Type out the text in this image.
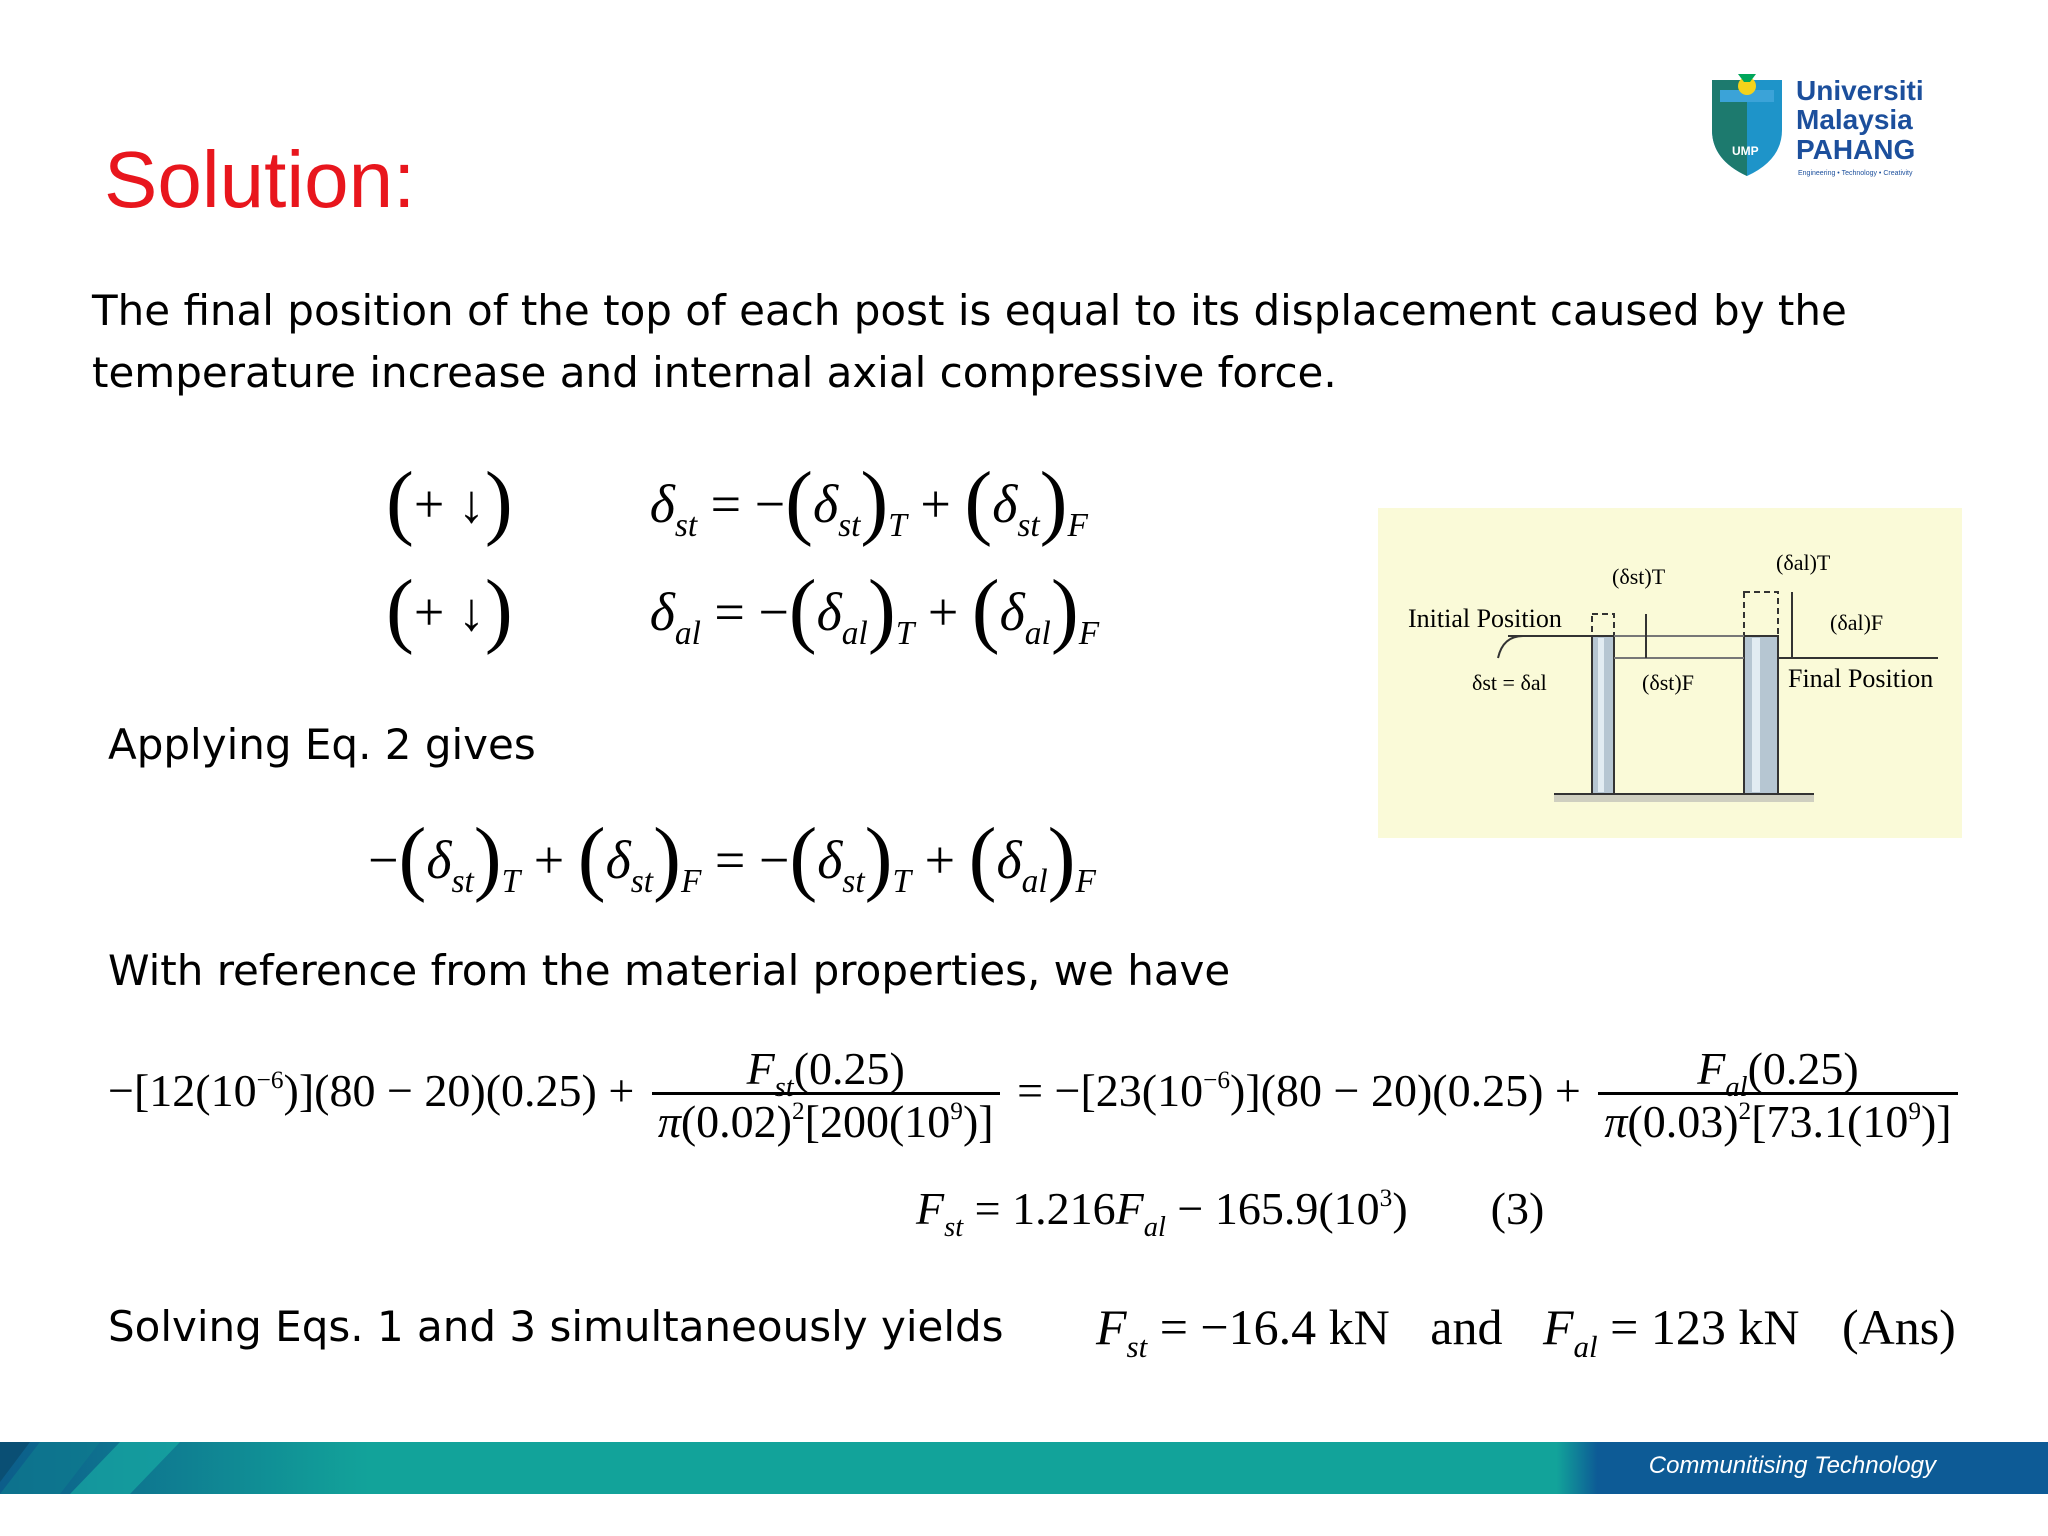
UMP
Universiti
Malaysia
PAHANG
Engineering • Technology • Creativity
Solution:
The final position of the top of each post is equal to its displacement caused by the temperature increase and internal axial compressive force.
(+ ↓)	$\delta_{st} = -(\delta_{st})_T + (\delta_{st})_F$
(+ ↓)	$\delta_{al} = -(\delta_{al})_T + (\delta_{al})_F$	Initial Position
(δst)T
(δal)T
(δal)F
δst = δal	(δst)F	Final Position
Applying Eq. 2 gives
$-(\delta_{st})_T + (\delta_{st})_F = -(\delta_{st})_T + (\delta_{al})_F$
With reference from the material properties, we have
$-[12(10^{-6})](80 - 20)(0.25) + \frac{F_{st}(0.25)}{\pi(0.02)^2[200(10^9)]} = -[23(10^{-6})](80 - 20)(0.25) + \frac{F_{al}(0.25)}{\pi(0.03)^2[73.1(10^9)]}$
$F_{st} = 1.216F_{al} - 165.9(10^3)$  (3)
Solving Eqs. 1 and 3 simultaneously yields $F_{st} = -16.4$ kN and $F_{al} = 123$ kN (Ans)
Communitising Technology
